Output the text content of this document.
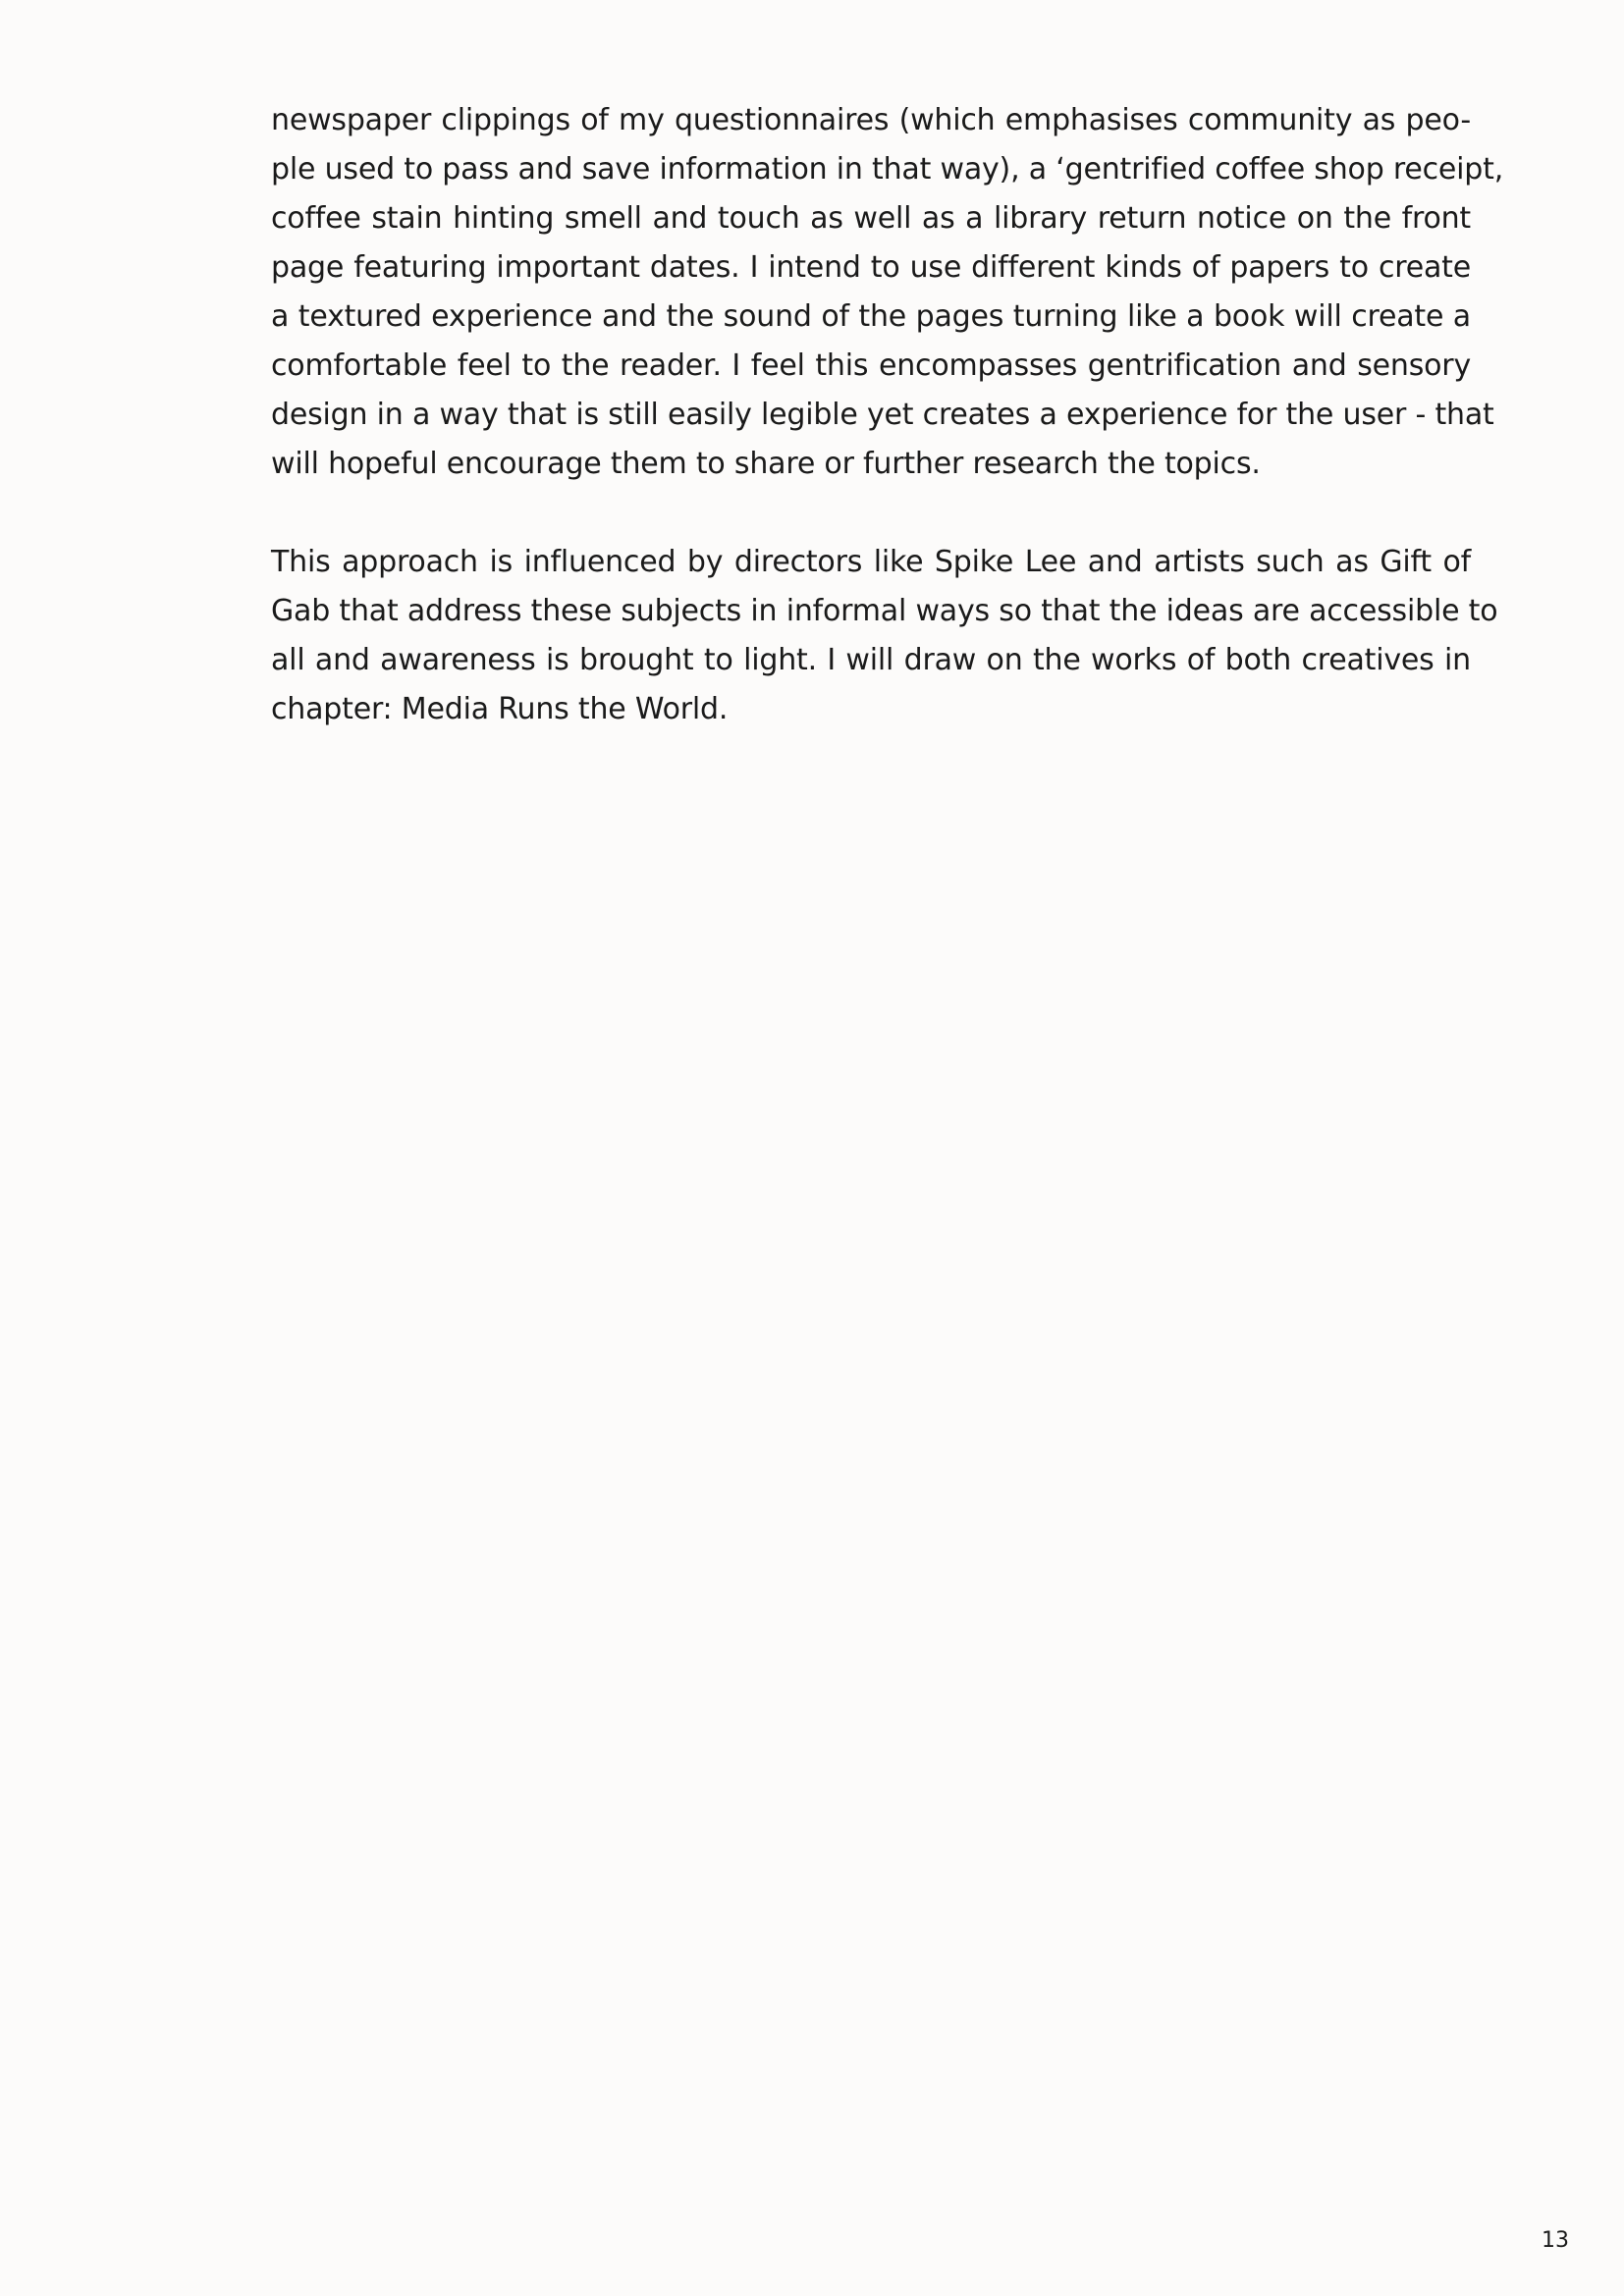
newspaper clippings of my questionnaires (which emphasises community as peo-
ple used to pass and save information in that way), a ‘gentrified coffee shop receipt,
coffee stain hinting smell and touch as well as a library return notice on the front
page featuring important dates. I intend to use different kinds of papers to create
a textured experience and the sound of the pages turning like a book will create a
comfortable feel to the reader. I feel this encompasses gentrification and sensory
design in a way that is still easily legible yet creates a experience for the user - that
will hopeful encourage them to share or further research the topics.
This approach is influenced by directors like Spike Lee and artists such as Gift of
Gab that address these subjects in informal ways so that the ideas are accessible to
all and awareness is brought to light. I will draw on the works of both creatives in
chapter: Media Runs the World.
13
